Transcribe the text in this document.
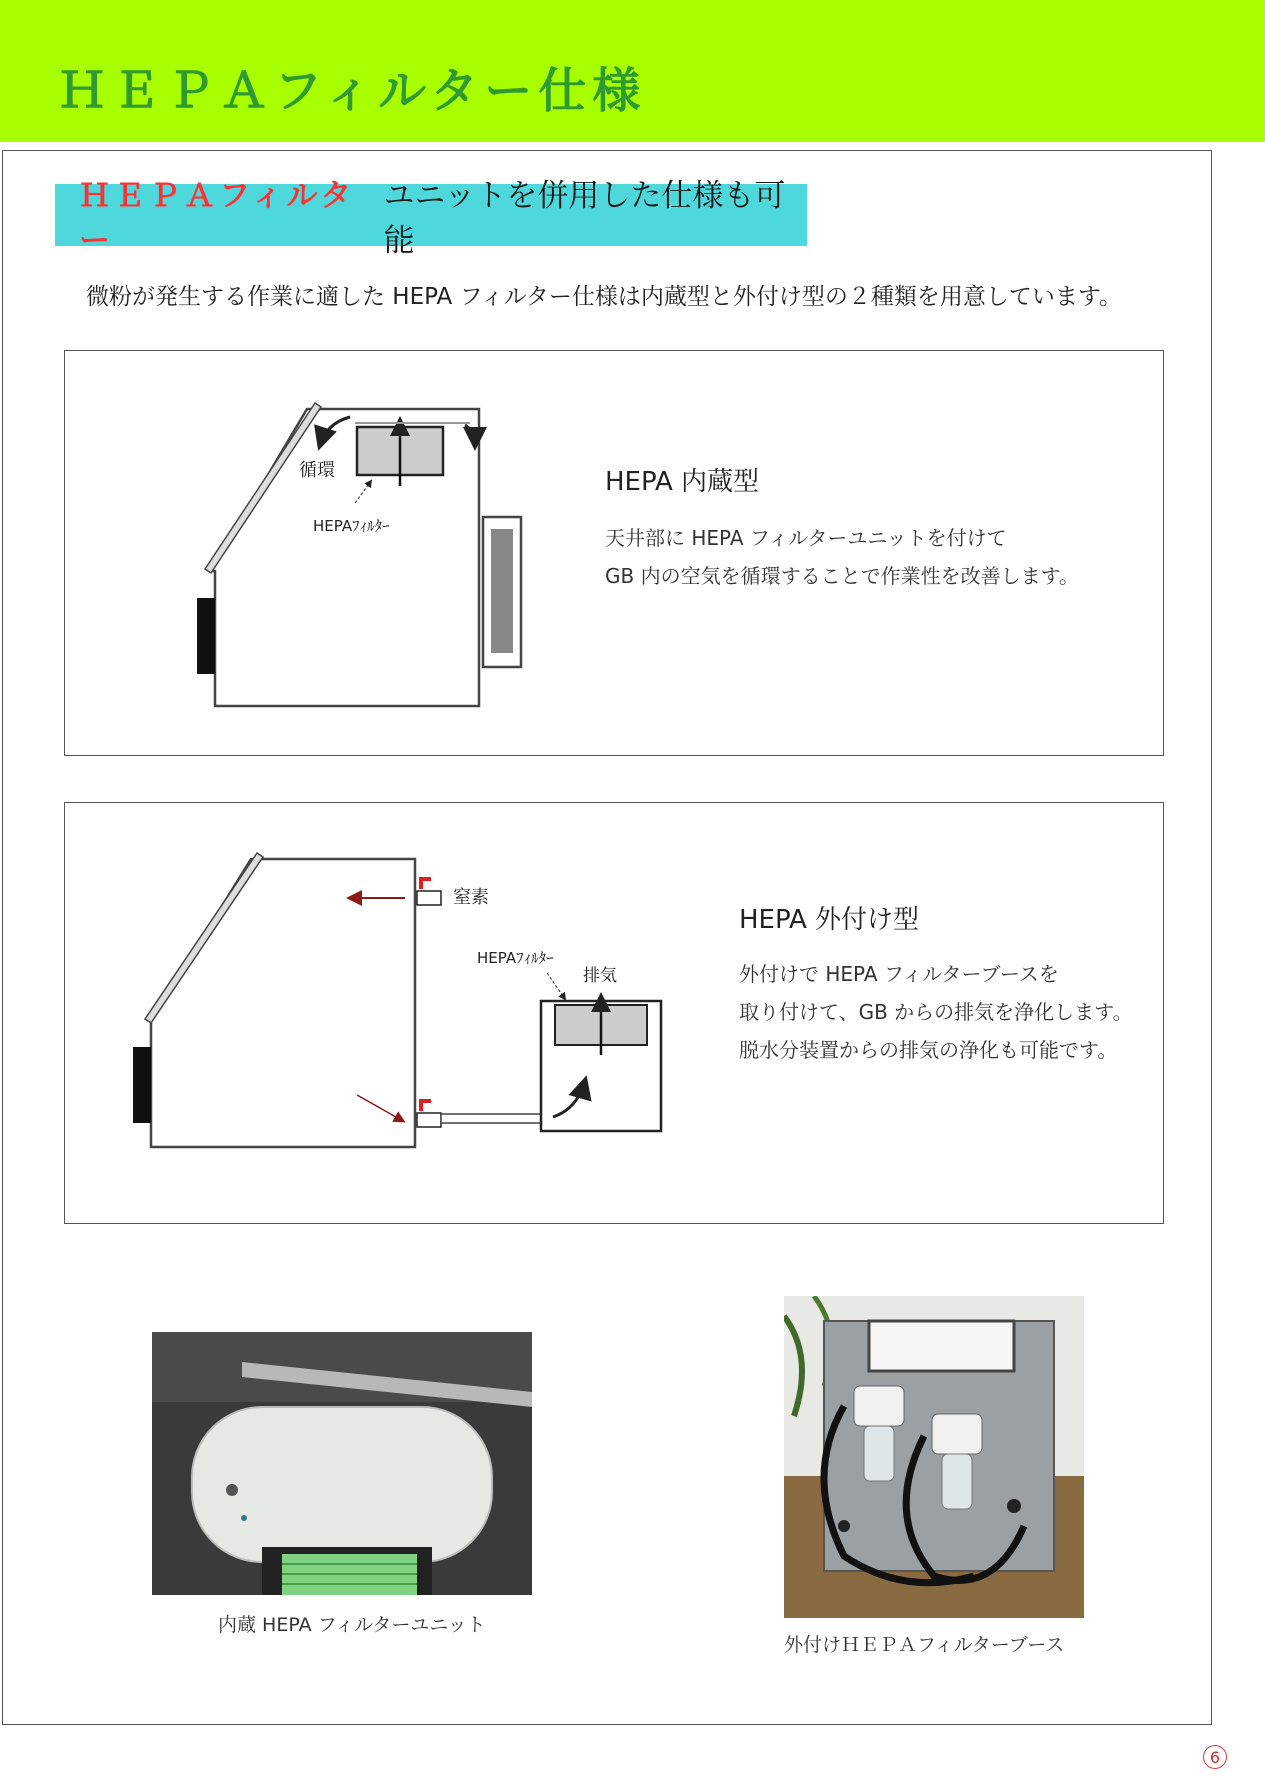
ＨＥＰＡフィルター仕様
ＨＥＰＡフィルター
ユニットを併用した仕様も可能
微粉が発生する作業に適した HEPA フィルター仕様は内蔵型と外付け型の２種類を用意しています。
循環
HEPAﾌｨﾙﾀｰ
HEPA 内蔵型

天井部に HEPA フィルターユニットを付けて

GB 内の空気を循環することで作業性を改善します。

窒素
HEPAﾌｨﾙﾀｰ
排気
HEPA 外付け型

外付けで HEPA フィルターブースを

取り付けて、GB からの排気を浄化します。

脱水分装置からの排気の浄化も可能です。

内蔵 HEPA フィルターユニット
外付けＨＥＰＡフィルターブース
6
